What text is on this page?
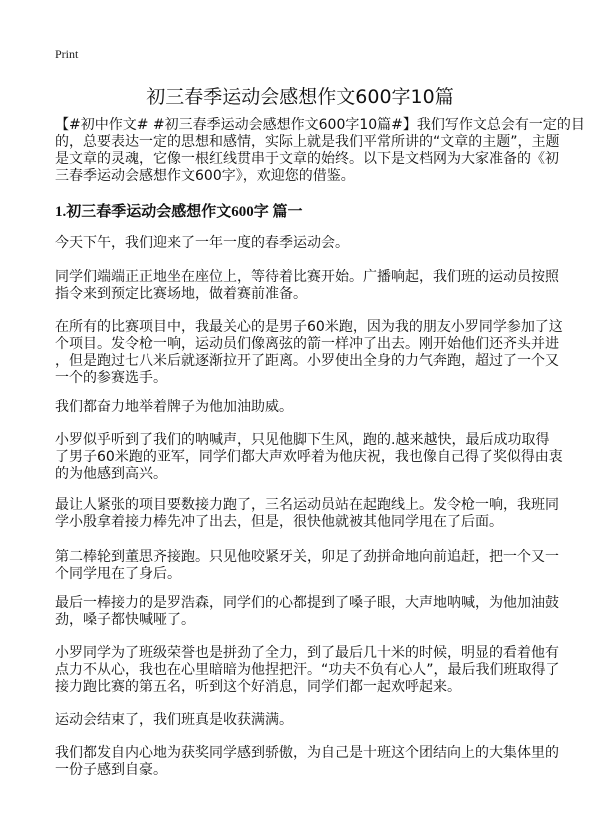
Print
初三春季运动会感想作文600字10篇
【#初中作文# #初三春季运动会感想作文600字10篇#】我们写作文总会有一定的目
的，总要表达一定的思想和感情，实际上就是我们平常所讲的“文章的主题”，主题
是文章的灵魂，它像一根红线贯串于文章的始终。以下是文档网为大家准备的《初
三春季运动会感想作文600字》，欢迎您的借鉴。
1.初三春季运动会感想作文600字 篇一
今天下午，我们迎来了一年一度的春季运动会。
同学们端端正正地坐在座位上，等待着比赛开始。广播响起，我们班的运动员按照
指令来到预定比赛场地，做着赛前准备。
在所有的比赛项目中，我最关心的是男子60米跑，因为我的朋友小罗同学参加了这
个项目。发令枪一响，运动员们像离弦的箭一样冲了出去。刚开始他们还齐头并进
，但是跑过七八米后就逐渐拉开了距离。小罗使出全身的力气奔跑，超过了一个又
一个的参赛选手。
我们都奋力地举着牌子为他加油助威。
小罗似乎听到了我们的呐喊声，只见他脚下生风，跑的.越来越快，最后成功取得
了男子60米跑的亚军，同学们都大声欢呼着为他庆祝，我也像自己得了奖似得由衷
的为他感到高兴。
最让人紧张的项目要数接力跑了，三名运动员站在起跑线上。发令枪一响，我班同
学小殷拿着接力棒先冲了出去，但是，很快他就被其他同学甩在了后面。
第二棒轮到董思齐接跑。只见他咬紧牙关，卯足了劲拼命地向前追赶，把一个又一
个同学甩在了身后。
最后一棒接力的是罗浩森，同学们的心都提到了嗓子眼，大声地呐喊，为他加油鼓
劲，嗓子都快喊哑了。
小罗同学为了班级荣誉也是拼劲了全力，到了最后几十米的时候，明显的看着他有
点力不从心，我也在心里暗暗为他捏把汗。“功夫不负有心人”，最后我们班取得了
接力跑比赛的第五名，听到这个好消息，同学们都一起欢呼起来。
运动会结束了，我们班真是收获满满。
我们都发自内心地为获奖同学感到骄傲，为自己是十班这个团结向上的大集体里的
一份子感到自豪。
